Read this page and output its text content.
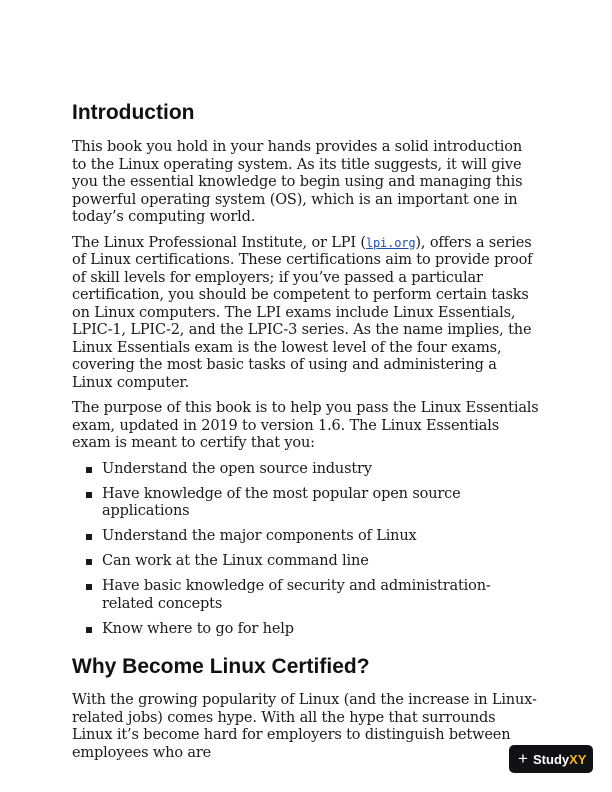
Introduction

This book you hold in your hands provides a solid introduction to the Linux operating system. As its title suggests, it will give you the essential knowledge to begin using and managing this powerful operating system (OS), which is an important one in today’s computing world.

The Linux Professional Institute, or LPI (lpi.org), offers a series of Linux certifications. These certifications aim to provide proof of skill levels for employers; if you’ve passed a particular certification, you should be competent to perform certain tasks on Linux computers. The LPI exams include Linux Essentials, LPIC-1, LPIC-2, and the LPIC-3 series. As the name implies, the Linux Essentials exam is the lowest level of the four exams, covering the most basic tasks of using and administering a Linux computer.

The purpose of this book is to help you pass the Linux Essentials exam, updated in 2019 to version 1.6. The Linux Essentials exam is meant to certify that you:

Understand the open source industry
Have knowledge of the most popular open source applications
Understand the major components of Linux
Can work at the Linux command line
Have basic knowledge of security and administration-related concepts
Know where to go for help
Why Become Linux Certified?

With the growing popularity of Linux (and the increase in Linux-related jobs) comes hype. With all the hype that surrounds Linux it’s become hard for employers to distinguish between employees who are	+ Study XY
